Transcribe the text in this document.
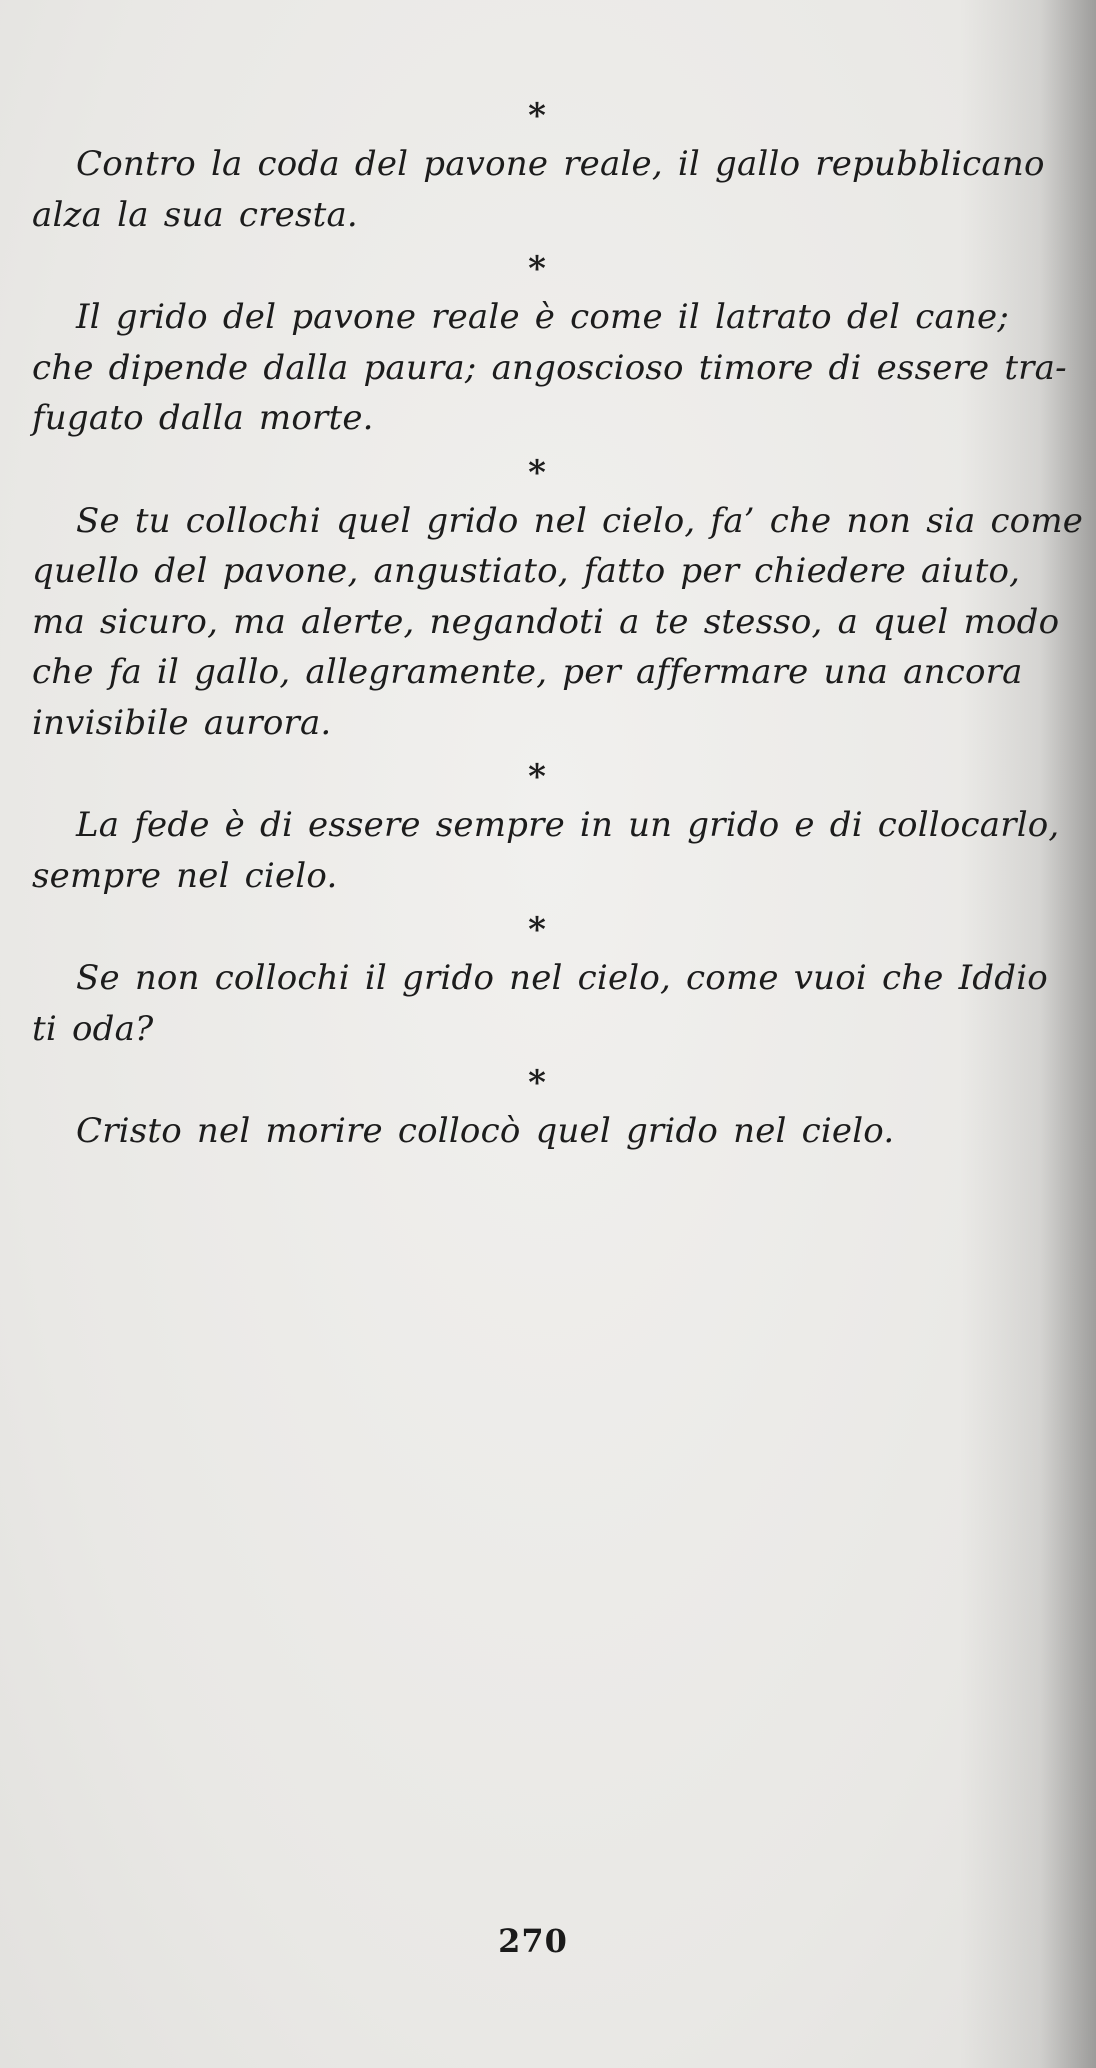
*

Contro la coda del pavone reale, il gallo repubblicano
alza la sua cresta.

*

Il grido del pavone reale è come il latrato del cane;
che dipende dalla paura; angoscioso timore di essere tra-
fugato dalla morte.

*

Se tu collochi quel grido nel cielo, fa’ che non sia come
quello del pavone, angustiato, fatto per chiedere aiuto,
ma sicuro, ma alerte, negandoti a te stesso, a quel modo
che fa il gallo, allegramente, per affermare una ancora
invisibile aurora.

*

La fede è di essere sempre in un grido e di collocarlo,
sempre nel cielo.

*

Se non collochi il grido nel cielo, come vuoi che Iddio
ti oda?

*

Cristo nel morire collocò quel grido nel cielo.

270
